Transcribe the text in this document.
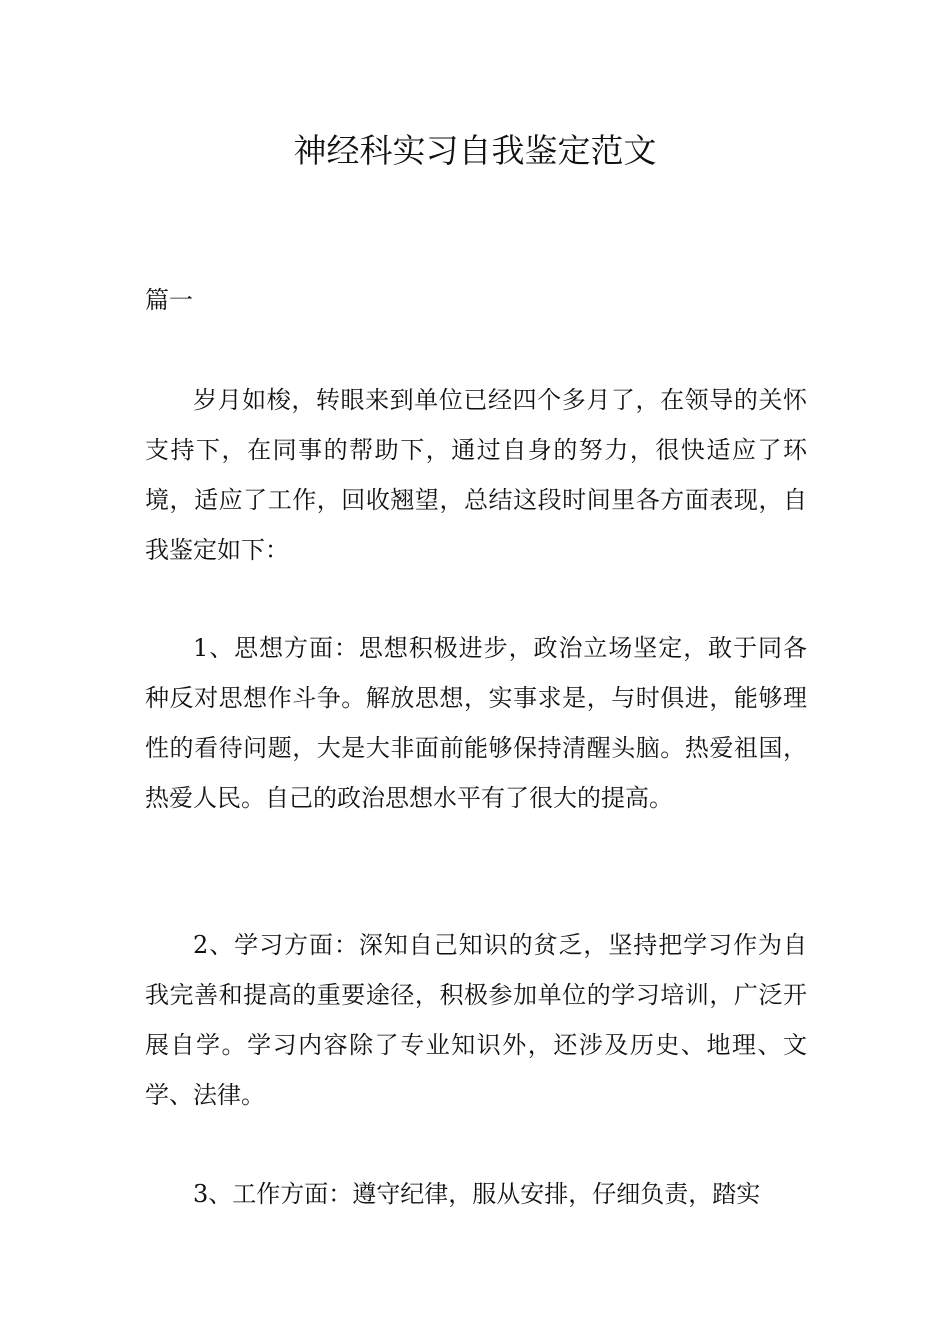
神经科实习自我鉴定范文

篇一

岁月如梭，转眼来到单位已经四个多月了，在领导的关怀支持下，在同事的帮助下，通过自身的努力，很快适应了环境，适应了工作，回收翘望，总结这段时间里各方面表现，自我鉴定如下：

1、思想方面：思想积极进步，政治立场坚定，敢于同各种反对思想作斗争。解放思想，实事求是，与时俱进，能够理性的看待问题，大是大非面前能够保持清醒头脑。热爱祖国，热爱人民。自己的政治思想水平有了很大的提高。

2、学习方面：深知自己知识的贫乏，坚持把学习作为自我完善和提高的重要途径，积极参加单位的学习培训，广泛开展自学。学习内容除了专业知识外，还涉及历史、地理、文学、法律。

3、工作方面：遵守纪律，服从安排，仔细负责，踏实
